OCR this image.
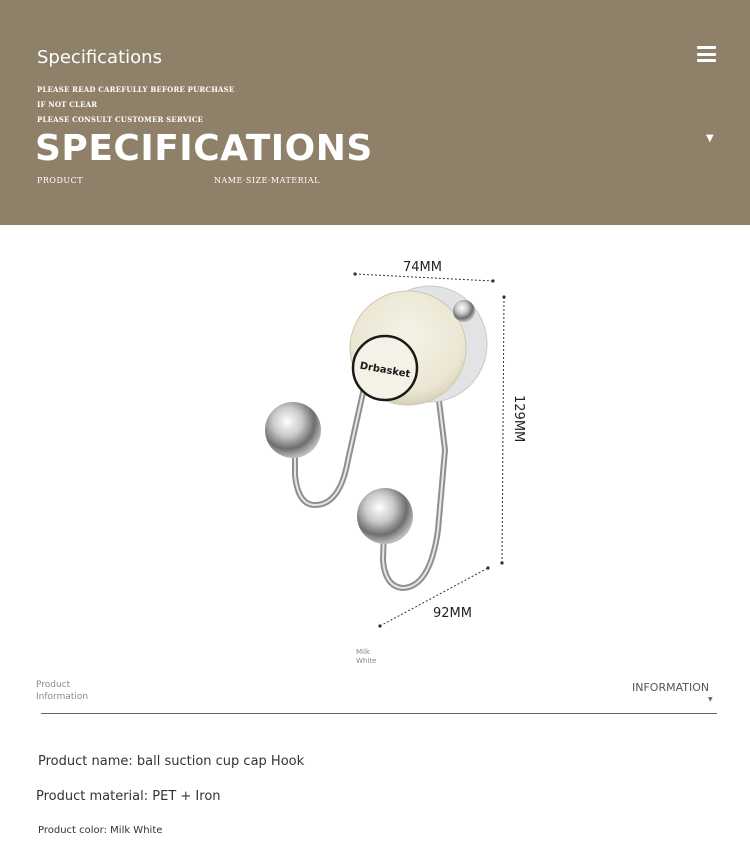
Specifications
PLEASE READ CAREFULLY BEFORE PURCHASE
IF NOT CLEAR
PLEASE CONSULT CUSTOMER SERVICE
SPECIFICATIONS
PRODUCT	NAME·SIZE·MATERIAL
▼
74MM
129MM
92MM
Drbasket
Milk
White
Product
Information
INFORMATION
▼
Product name: ball suction cup cap Hook
Product material: PET + Iron
Product color: Milk White
